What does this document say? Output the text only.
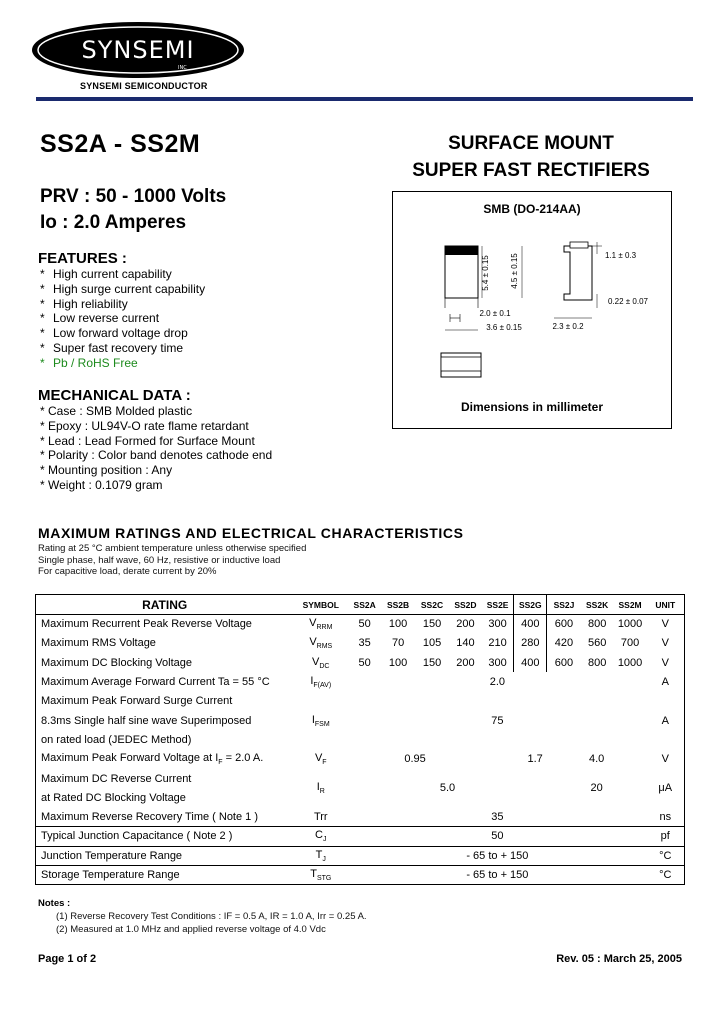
SYNSEMI
INC
SYNSEMI SEMICONDUCTOR
SS2A - SS2M
PRV : 50 - 1000 Volts
Io : 2.0 Amperes
SURFACE MOUNT
SUPER FAST RECTIFIERS
SMB (DO-214AA)
5.4 ± 0.15	4.5 ± 0.15
2.0 ± 0.1
3.6 ± 0.15
1.1 ± 0.3
0.22 ± 0.07
2.3 ± 0.2
Dimensions in millimeter
FEATURES :
* High current capability
* High surge current capability
* High reliability
* Low reverse current
* Low forward voltage drop
* Super fast recovery time
* Pb / RoHS Free
MECHANICAL DATA :
* Case : SMB Molded plastic
* Epoxy : UL94V-O rate flame retardant
* Lead : Lead Formed for Surface Mount
* Polarity : Color band denotes cathode end
* Mounting position : Any
* Weight : 0.1079 gram
MAXIMUM RATINGS AND ELECTRICAL CHARACTERISTICS
Rating at 25 °C ambient temperature unless otherwise specified
Single phase, half wave, 60 Hz, resistive or inductive load
For capacitive load, derate current by 20%
RATING	SYMBOL	SS2A	SS2B	SS2C	SS2D	SS2E	SS2G	SS2J	SS2K	SS2M	UNIT
Maximum Recurrent Peak Reverse Voltage	$V_{RRM}$	50	100	150	200	300	400	600	800	1000	V
Maximum RMS Voltage	$V_{RMS}$	35	70	105	140	210	280	420	560	700	V
Maximum DC Blocking Voltage	$V_{DC}$	50	100	150	200	300	400	600	800	1000	V
Maximum Average Forward Current Ta = 55 °C	$I_{F(AV)}$	2.0									A
Maximum Peak Forward Surge Current											
8.3ms Single half sine wave Superimposed	$I_{FSM}$	75									A
on rated load (JEDEC Method)											
Maximum Peak Forward Voltage at $I_F = 2.0$ A.	$V_F$	0.95				1.7		4.0			V
Maximum DC Reverse Current	$I_R$	5.0						20			μA
at Rated DC Blocking Voltage											
Maximum Reverse Recovery Time ( Note 1 )	Trr	35									ns
Typical Junction Capacitance ( Note 2 )	$C_J$	50									pf
Junction Temperature Range	$T_J$	- 65 to + 150									°C
Storage Temperature Range	$T_{STG}$	- 65 to + 150									°C
Notes :
(1) Reverse Recovery Test Conditions : IF = 0.5 A, IR = 1.0 A, Irr = 0.25 A.
(2) Measured at 1.0 MHz and applied reverse voltage of 4.0 Vdc
Page 1 of 2	Rev. 05 : March 25, 2005
